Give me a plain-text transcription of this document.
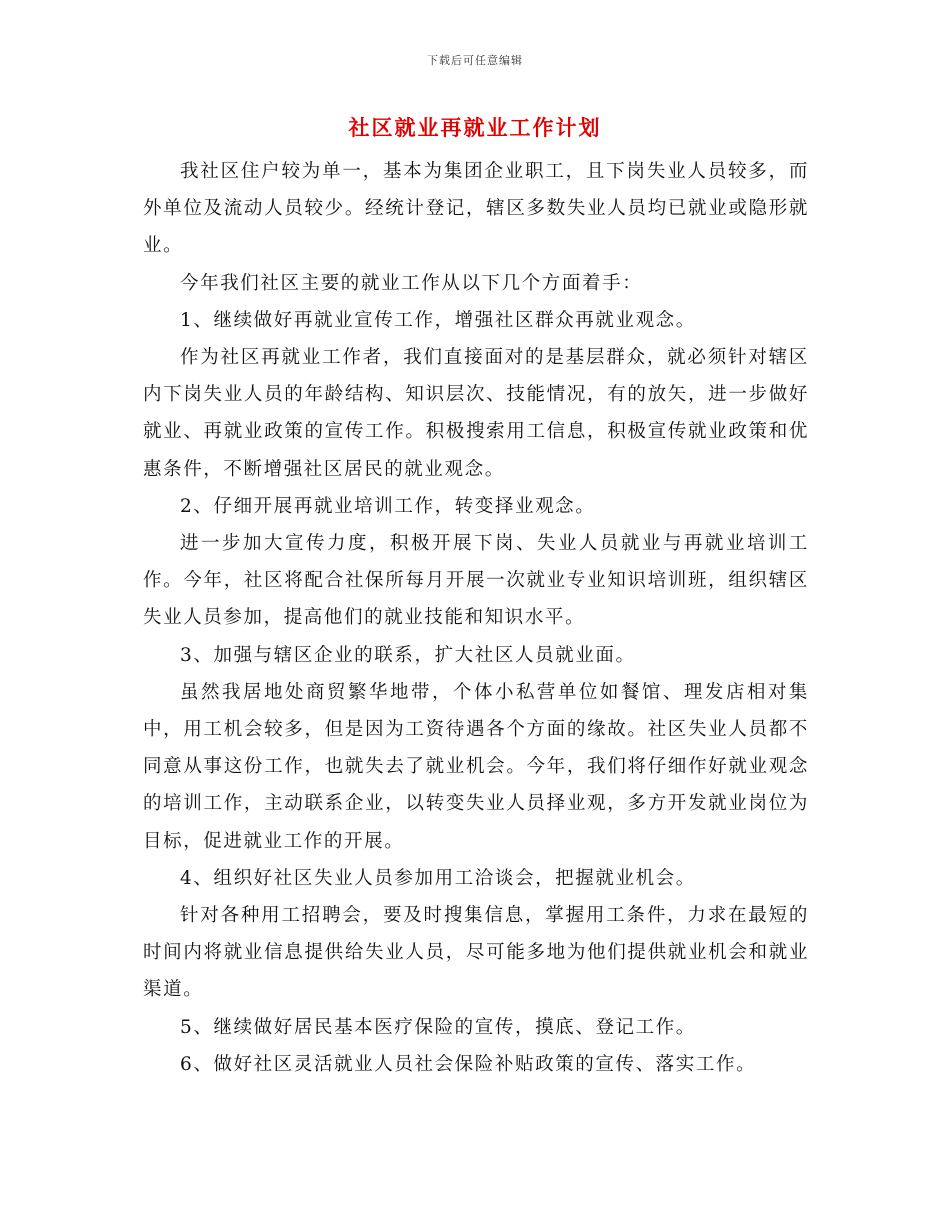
下载后可任意编辑
社区就业再就业工作计划

我社区住户较为单一，基本为集团企业职工，且下岗失业人员较多，而外单位及流动人员较少。经统计登记，辖区多数失业人员均已就业或隐形就业。

今年我们社区主要的就业工作从以下几个方面着手：

1、继续做好再就业宣传工作，增强社区群众再就业观念。

作为社区再就业工作者，我们直接面对的是基层群众，就必须针对辖区内下岗失业人员的年龄结构、知识层次、技能情况，有的放矢，进一步做好就业、再就业政策的宣传工作。积极搜索用工信息，积极宣传就业政策和优惠条件，不断增强社区居民的就业观念。

2、仔细开展再就业培训工作，转变择业观念。

进一步加大宣传力度，积极开展下岗、失业人员就业与再就业培训工作。今年，社区将配合社保所每月开展一次就业专业知识培训班，组织辖区失业人员参加，提高他们的就业技能和知识水平。

3、加强与辖区企业的联系，扩大社区人员就业面。

虽然我居地处商贸繁华地带，个体小私营单位如餐馆、理发店相对集中，用工机会较多，但是因为工资待遇各个方面的缘故。社区失业人员都不同意从事这份工作，也就失去了就业机会。今年，我们将仔细作好就业观念的培训工作，主动联系企业，以转变失业人员择业观，多方开发就业岗位为目标，促进就业工作的开展。

4、组织好社区失业人员参加用工洽谈会，把握就业机会。

针对各种用工招聘会，要及时搜集信息，掌握用工条件，力求在最短的时间内将就业信息提供给失业人员，尽可能多地为他们提供就业机会和就业渠道。

5、继续做好居民基本医疗保险的宣传，摸底、登记工作。

6、做好社区灵活就业人员社会保险补贴政策的宣传、落实工作。
